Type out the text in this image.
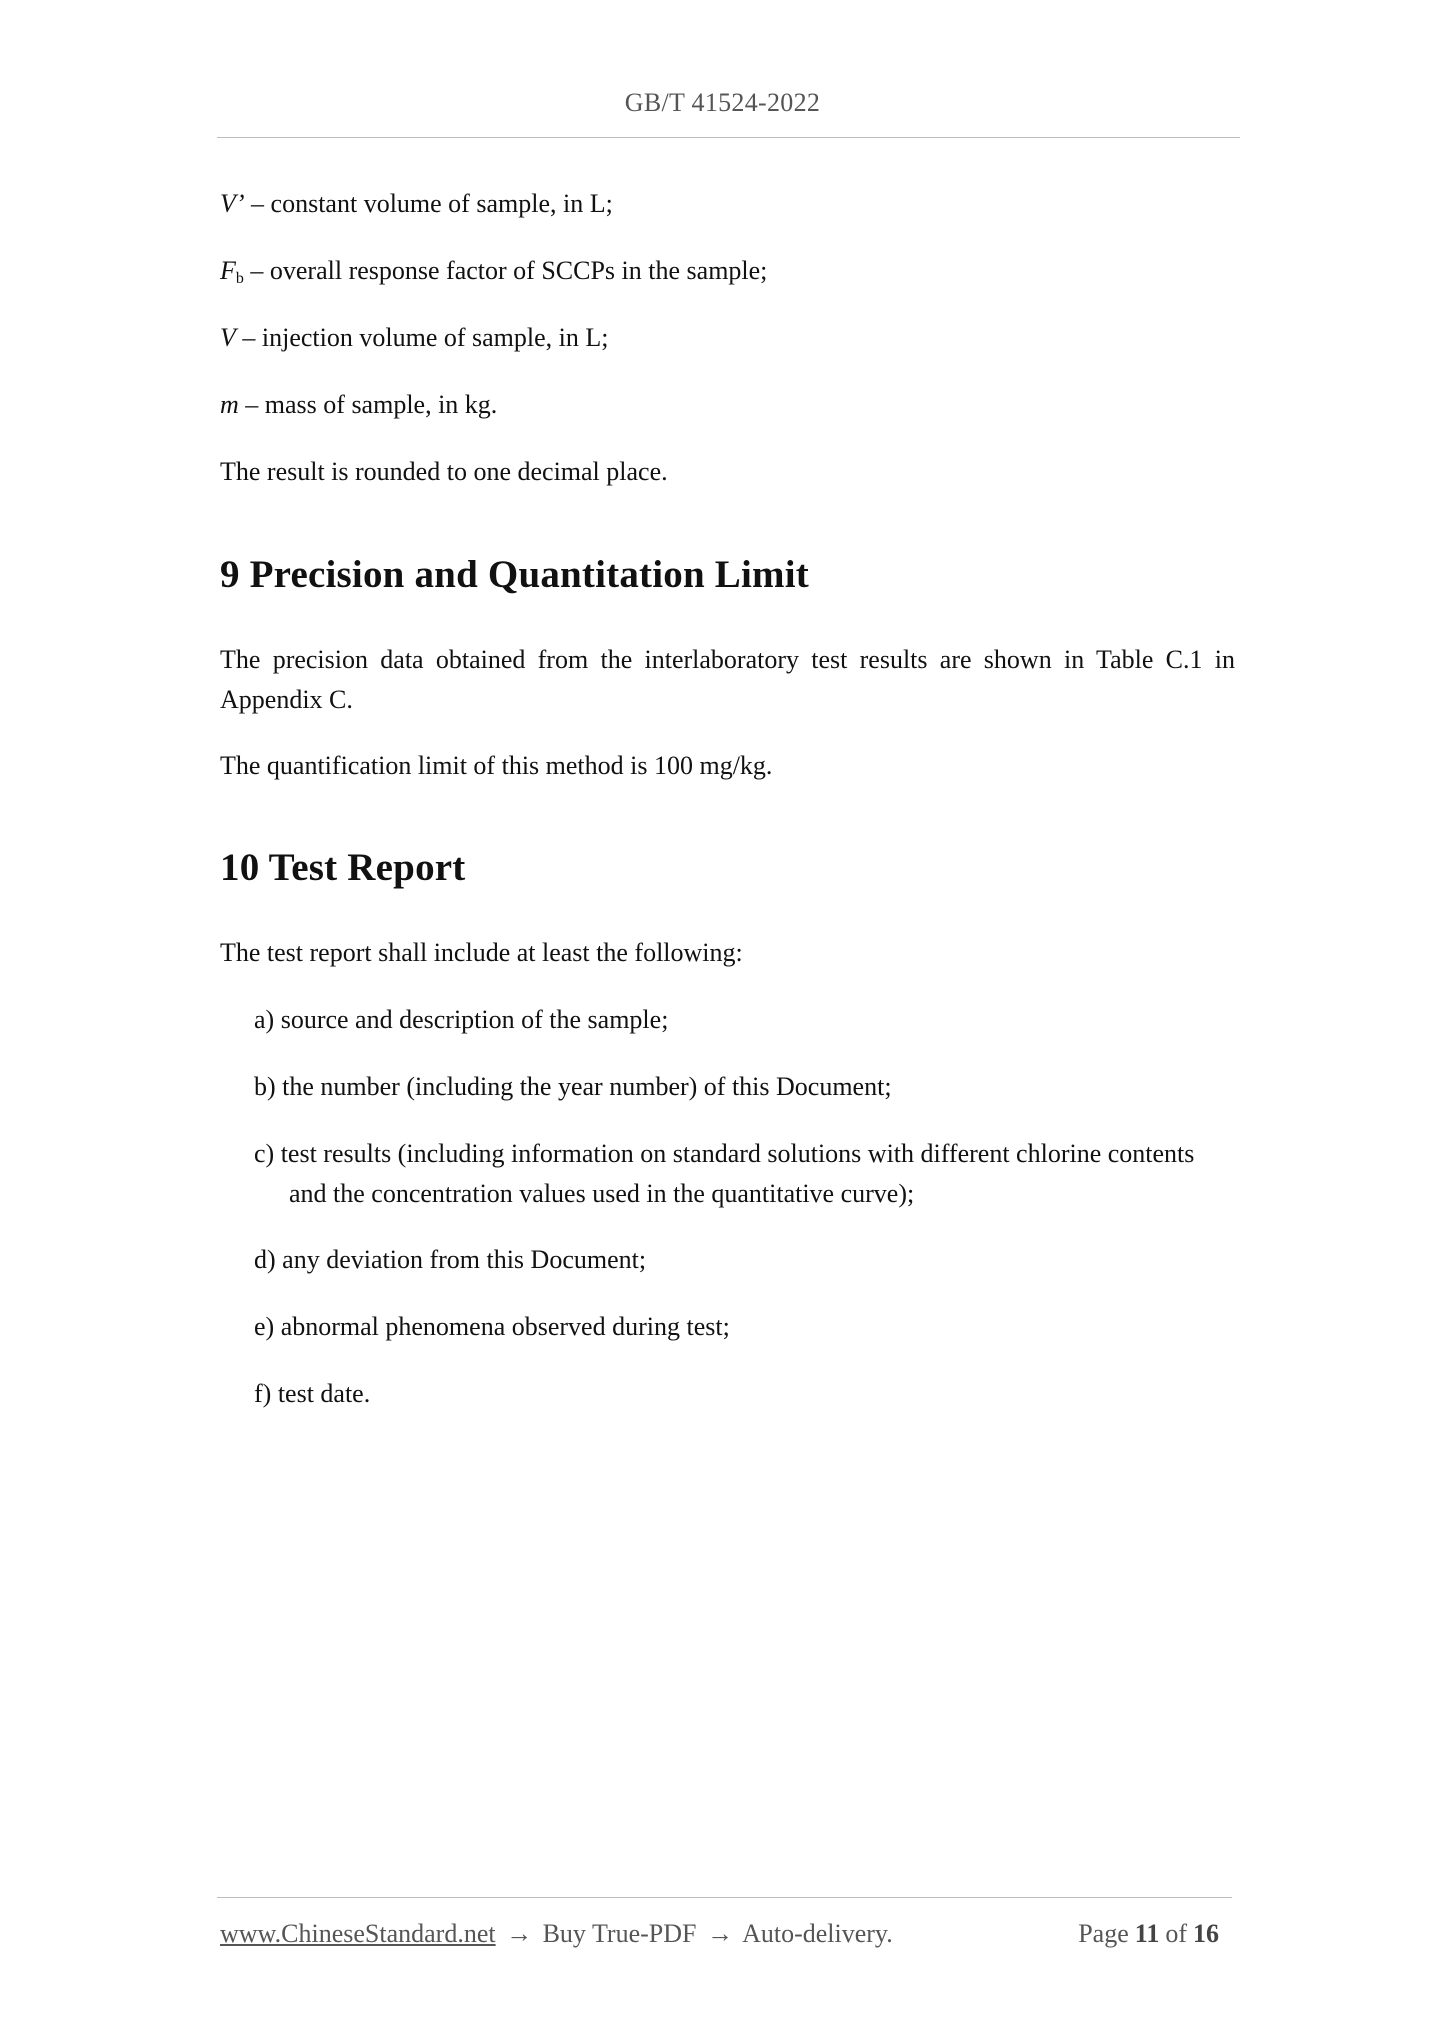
GB/T 41524-2022
V’ – constant volume of sample, in L;
$F_b$ – overall response factor of SCCPs in the sample;
V – injection volume of sample, in L;
m – mass of sample, in kg.
The result is rounded to one decimal place.
9 Precision and Quantitation Limit
The precision data obtained from the interlaboratory test results are shown in Table C.1 in Appendix C.
The quantification limit of this method is 100 mg/kg.
10 Test Report
The test report shall include at least the following:
a) source and description of the sample;
b) the number (including the year number) of this Document;
c) test results (including information on standard solutions with different chlorine contents and the concentration values used in the quantitative curve);
d) any deviation from this Document;
e) abnormal phenomena observed during test;
f) test date.
www.ChineseStandard.net → Buy True-PDF → Auto-delivery.	Page 11 of 16
